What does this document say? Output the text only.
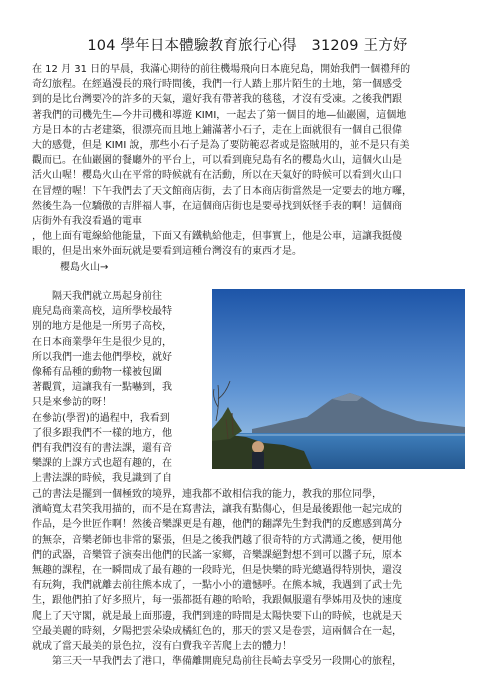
104 學年日本體驗教育旅行心得　31209 王方妤
在 12 月 31 日的早晨，我滿心期待的前往機場飛向日本鹿兒島，開始我們一個禮拜的
奇幻旅程。在經過漫長的飛行時間後，我們一行人踏上那片陌生的土地，第一個感受
到的是比台灣要冷的許多的天氣，還好我有帶著我的毯毯，才沒有受凍。之後我們跟
著我們的司機先生—今井司機和導遊 KIMI，一起去了第一個目的地—仙巖園，這個地
方是日本的古老建築，很漂亮而且地上鋪滿著小石子，走在上面就很有一個自己很偉
大的感覺，但是 KIMI 說，那些小石子是為了要防範忍者或是盜賊用的，並不是只有美
觀而已。在仙巖園的餐廳外的平台上，可以看到鹿兒島有名的櫻島火山，這個火山是
活火山喔！櫻島火山在平常的時候就有在活動，所以在天氣好的時候可以看到火山口
在冒煙的喔！下午我們去了天文館商店街，去了日本商店街當然是一定要去的地方囉，
然後生為一位驕傲的吉胖福人事，在這個商店街也是要尋找到妖怪手表的啊！這個商
店街外有我沒看過的電車
，他上面有電線給他能量，下面又有鐵軌給他走，但事實上，他是公車，這讓我挺傻
眼的，但是出來外面玩就是要看到這種台灣沒有的東西才是。
櫻島火山→
　　隔天我們就立馬起身前往
鹿兒島商業高校，這所學校最特
別的地方是他是一所男子高校，
在日本商業學年生是很少見的，
所以我們一進去他們學校，就好
像稀有品種的動物一樣被包圍
著觀賞，這讓我有一點嚇到，我
只是來參訪的呀！
在參訪(學習)的過程中，我看到
了很多跟我們不一樣的地方，他
們有我們沒有的書法課，還有音
樂課的上課方式也超有趣的，在
上書法課的時候，我見識到了自
己的書法是擺到一個極致的境界，連我都不敢相信我的能力，教我的那位同學，
濱崎寬太君笑我用描的，而不是在寫書法，讓我有點傷心，但是最後跟他一起完成的
作品，是今世匠作啊！然後音樂課更是有趣，他們的翻譯先生對我們的反應感到萬分
的無奈，音樂老師也非常的緊張，但是之後我們越了很奇特的方式溝通之後，便用他
們的武器，音樂管子演奏出他們的民謠一家鄉，音樂課絕對想不到可以醬子玩，原本
無趣的課程，在一瞬間成了最有趣的一段時光，但是快樂的時光總過得特別快，還沒
有玩夠，我們就離去前往熊本成了，一點小小的遺憾呼。在熊本城，我遇到了武士先
生，跟他們拍了好多照片，每一張都挺有趣的哈哈，我跟佩服還有學姊用及快的速度
爬上了天守閣，就是最上面那邊，我們到達的時間是太陽快要下山的時候，也就是天
空最美麗的時刻，夕陽把雲朵染成橘紅色的，那天的雲又是卷雲，這兩個合在一起，
就成了當天最美的景色拉，沒有白費我辛苦爬上去的體力！
　　第三天一早我們去了港口，準備離開鹿兒島前往長崎去享受另一段開心的旅程，
